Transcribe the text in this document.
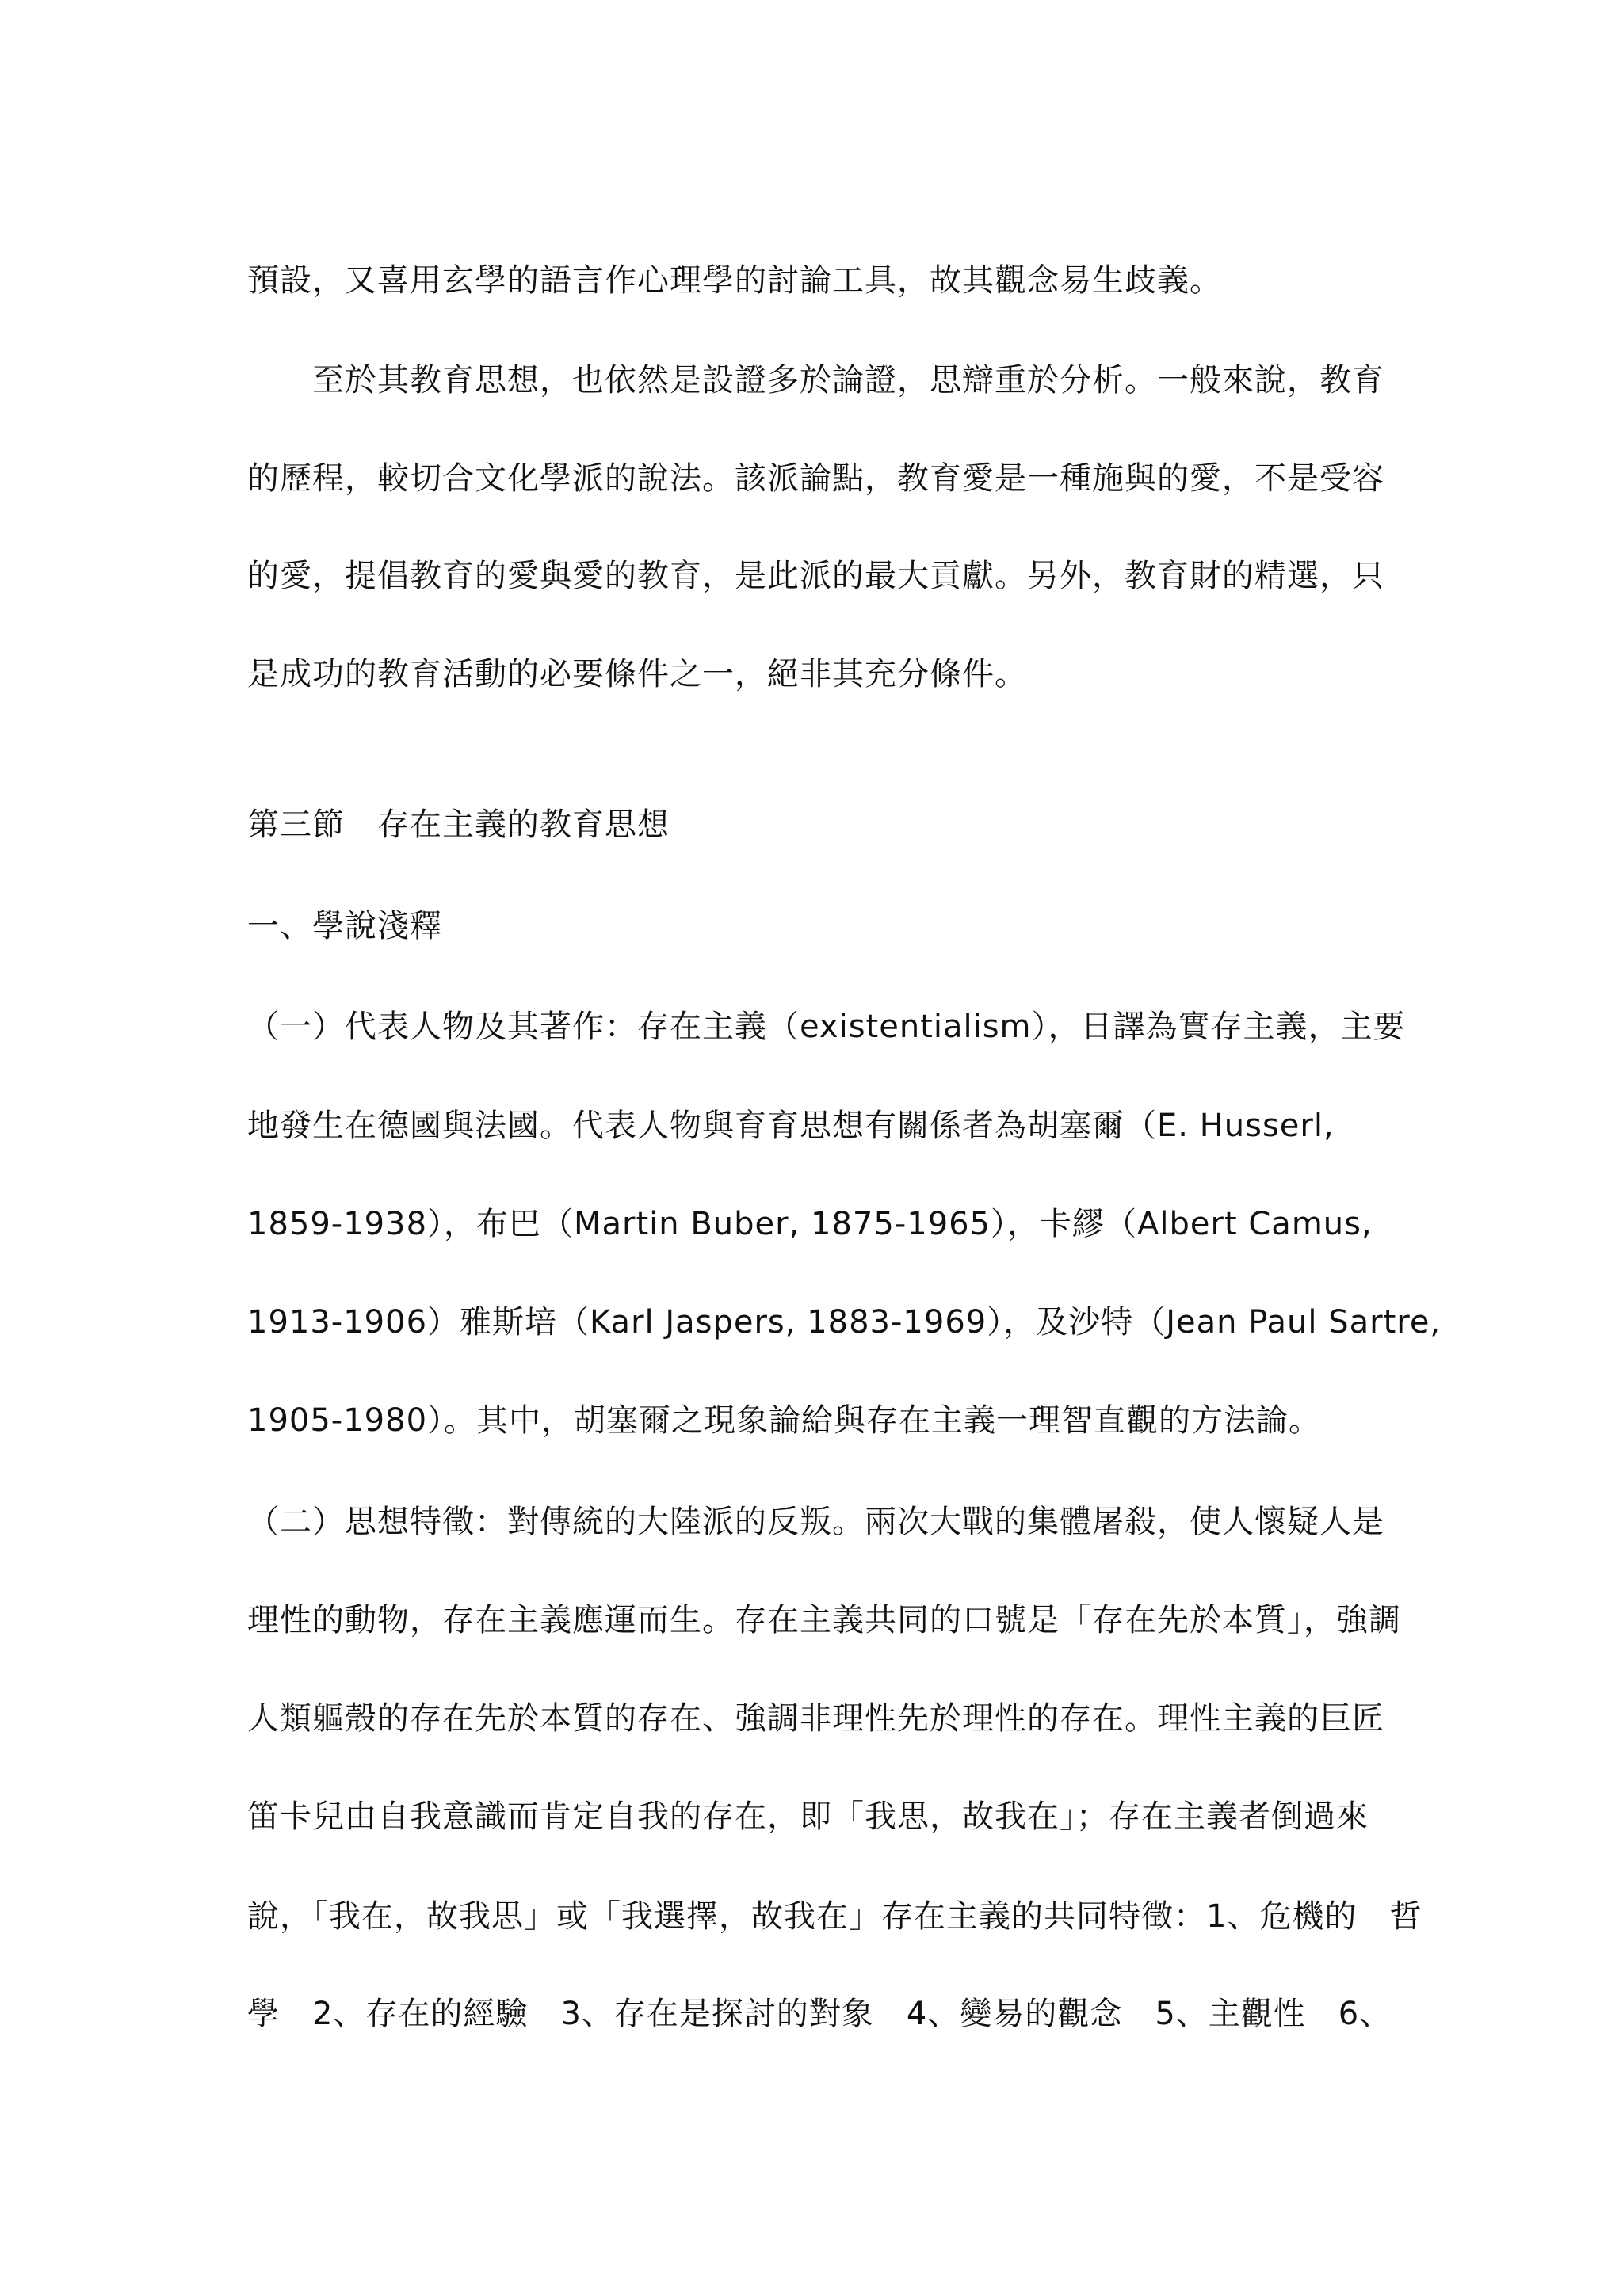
預設，又喜用玄學的語言作心理學的討論工具，故其觀念易生歧義。
至於其教育思想，也依然是設證多於論證，思辯重於分析。一般來說，教育
的歷程，較切合文化學派的說法。該派論點，教育愛是一種施與的愛，不是受容
的愛，提倡教育的愛與愛的教育，是此派的最大貢獻。另外，教育財的精選，只
是成功的教育活動的必要條件之一，絕非其充分條件。
第三節　存在主義的教育思想
一、學說淺釋
（一）代表人物及其著作：存在主義（existentialism），日譯為實存主義，主要
地發生在德國與法國。代表人物與育育思想有關係者為胡塞爾（E. Husserl,
1859-1938），布巴（Martin Buber, 1875-1965），卡繆（Albert Camus,
1913-1906）雅斯培（Karl Jaspers, 1883-1969），及沙特（Jean Paul Sartre,
1905-1980）。其中，胡塞爾之現象論給與存在主義一理智直觀的方法論。
（二）思想特徵：對傳統的大陸派的反叛。兩次大戰的集體屠殺，使人懷疑人是
理性的動物，存在主義應運而生。存在主義共同的口號是「存在先於本質」，強調
人類軀殼的存在先於本質的存在、強調非理性先於理性的存在。理性主義的巨匠
笛卡兒由自我意識而肯定自我的存在，即「我思，故我在」；存在主義者倒過來
說，「我在，故我思」或「我選擇，故我在」存在主義的共同特徵：1、危機的　哲
學　2、存在的經驗　3、存在是探討的對象　4、變易的觀念　5、主觀性　6、
